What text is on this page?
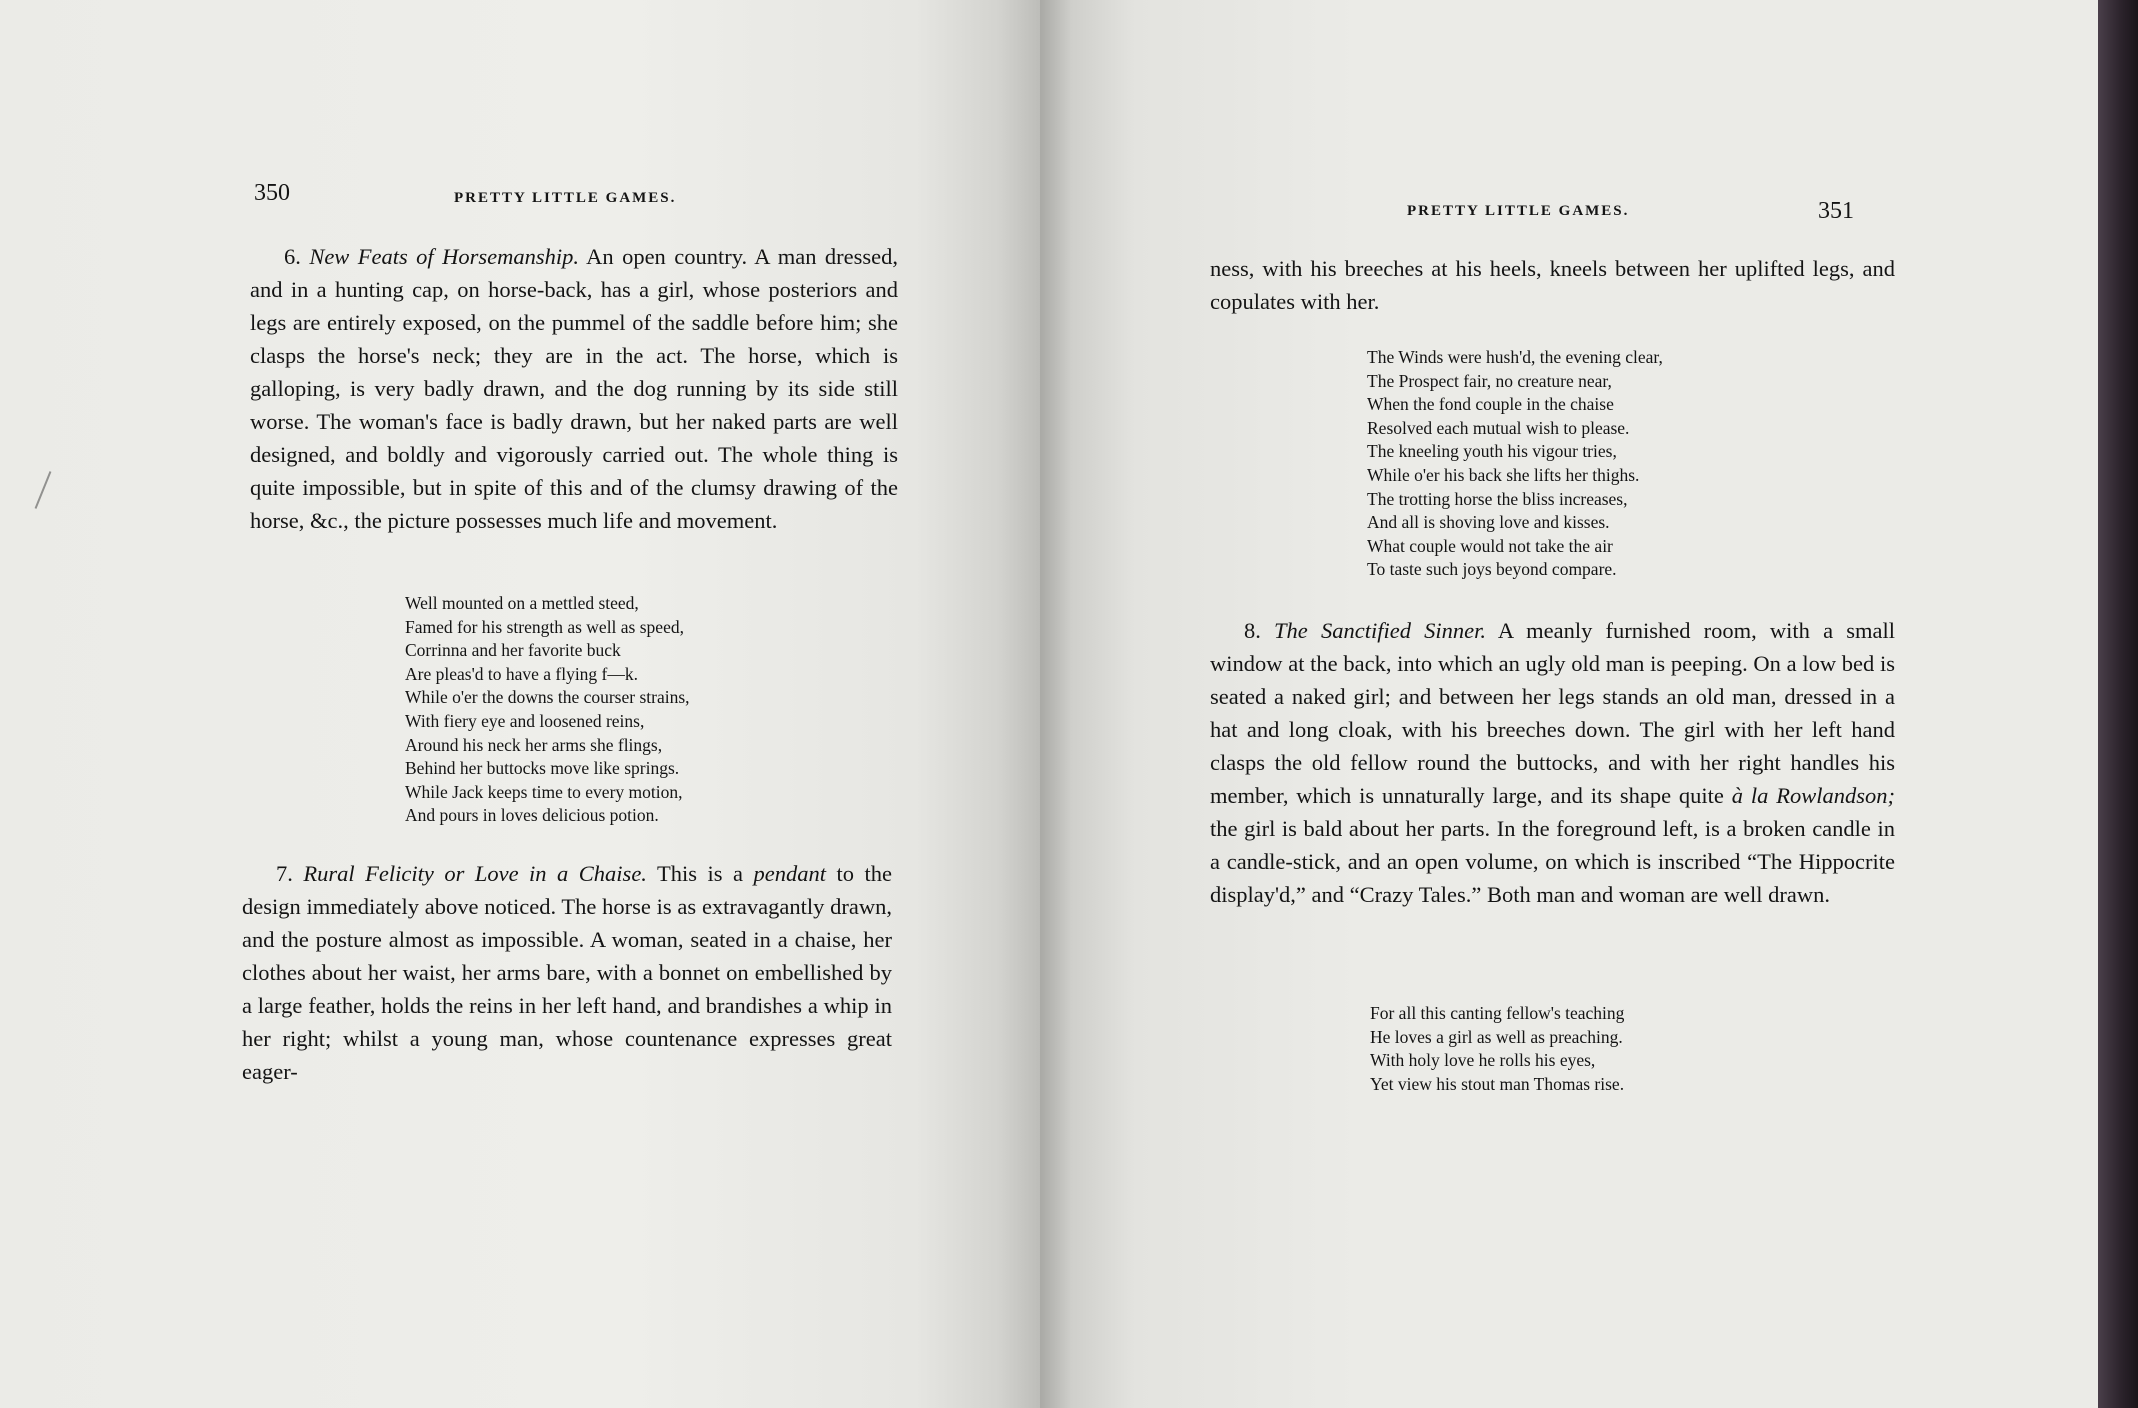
350	PRETTY LITTLE GAMES.

6. New Feats of Horsemanship. An open country. A man dressed, and in a hunting cap, on horse-back, has a girl, whose posteriors and legs are entirely exposed, on the pummel of the saddle before him; she clasps the horse's neck; they are in the act. The horse, which is galloping, is very badly drawn, and the dog running by its side still worse. The woman's face is badly drawn, but her naked parts are well designed, and boldly and vigorously carried out. The whole thing is quite impossible, but in spite of this and of the clumsy drawing of the horse, &c., the picture possesses much life and movement.

Well mounted on a mettled steed,
Famed for his strength as well as speed,
Corrinna and her favorite buck
Are pleas'd to have a flying f—k.
While o'er the downs the courser strains,
With fiery eye and loosened reins,
Around his neck her arms she flings,
Behind her buttocks move like springs.
While Jack keeps time to every motion,
And pours in loves delicious potion.

7. Rural Felicity or Love in a Chaise. This is a pendant to the design immediately above noticed. The horse is as extravagantly drawn, and the posture almost as impossible. A woman, seated in a chaise, her clothes about her waist, her arms bare, with a bonnet on embellished by a large feather, holds the reins in her left hand, and brandishes a whip in her right; whilst a young man, whose countenance expresses great eager-

PRETTY LITTLE GAMES.	351

ness, with his breeches at his heels, kneels between her uplifted legs, and copulates with her.

The Winds were hush'd, the evening clear,
The Prospect fair, no creature near,
When the fond couple in the chaise
Resolved each mutual wish to please.
The kneeling youth his vigour tries,
While o'er his back she lifts her thighs.
The trotting horse the bliss increases,
And all is shoving love and kisses.
What couple would not take the air
To taste such joys beyond compare.

8. The Sanctified Sinner. A meanly furnished room, with a small window at the back, into which an ugly old man is peeping. On a low bed is seated a naked girl; and between her legs stands an old man, dressed in a hat and long cloak, with his breeches down. The girl with her left hand clasps the old fellow round the buttocks, and with her right handles his member, which is unnaturally large, and its shape quite à la Rowlandson; the girl is bald about her parts. In the foreground left, is a broken candle in a candle-stick, and an open volume, on which is inscribed “The Hippocrite display'd,” and “Crazy Tales.” Both man and woman are well drawn.

For all this canting fellow's teaching
He loves a girl as well as preaching.
With holy love he rolls his eyes,
Yet view his stout man Thomas rise.
